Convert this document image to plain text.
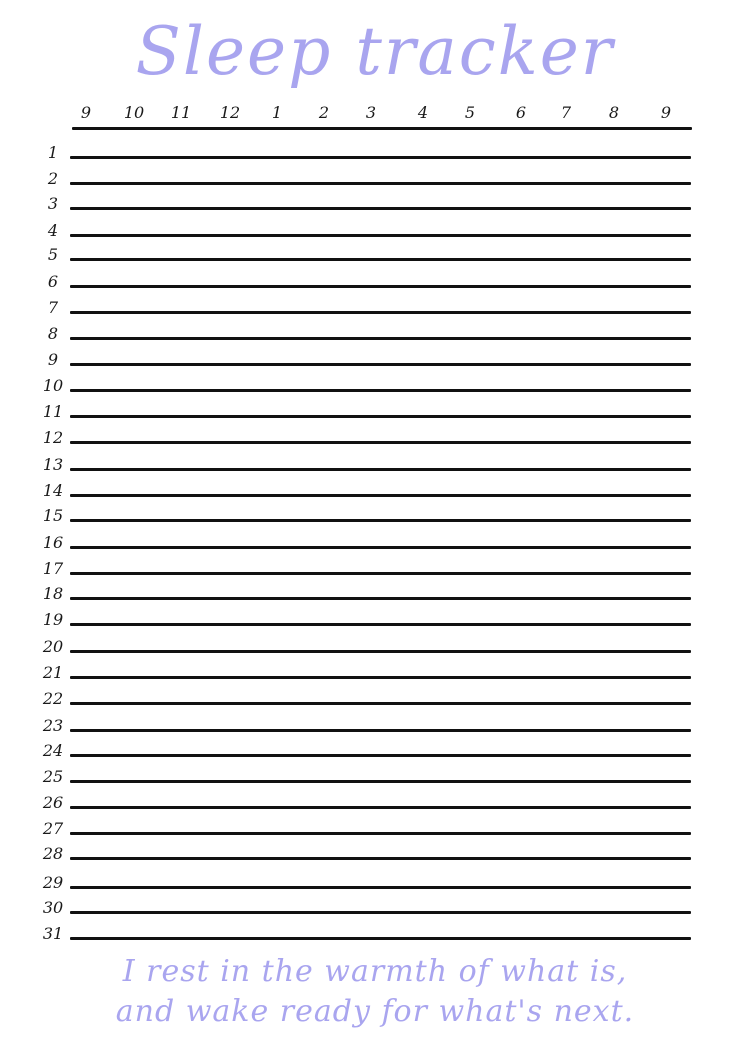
Sleep tracker
9	10	11	12	1	2	3	4	5	6	7	8	9
1
2
3
4
5
6
7
8
9
10
11
12
13
14
15
16
17
18
19
20
21
22
23
24
25
26
27
28
29
30
31
I rest in the warmth of what is,
and wake ready for what's next.
